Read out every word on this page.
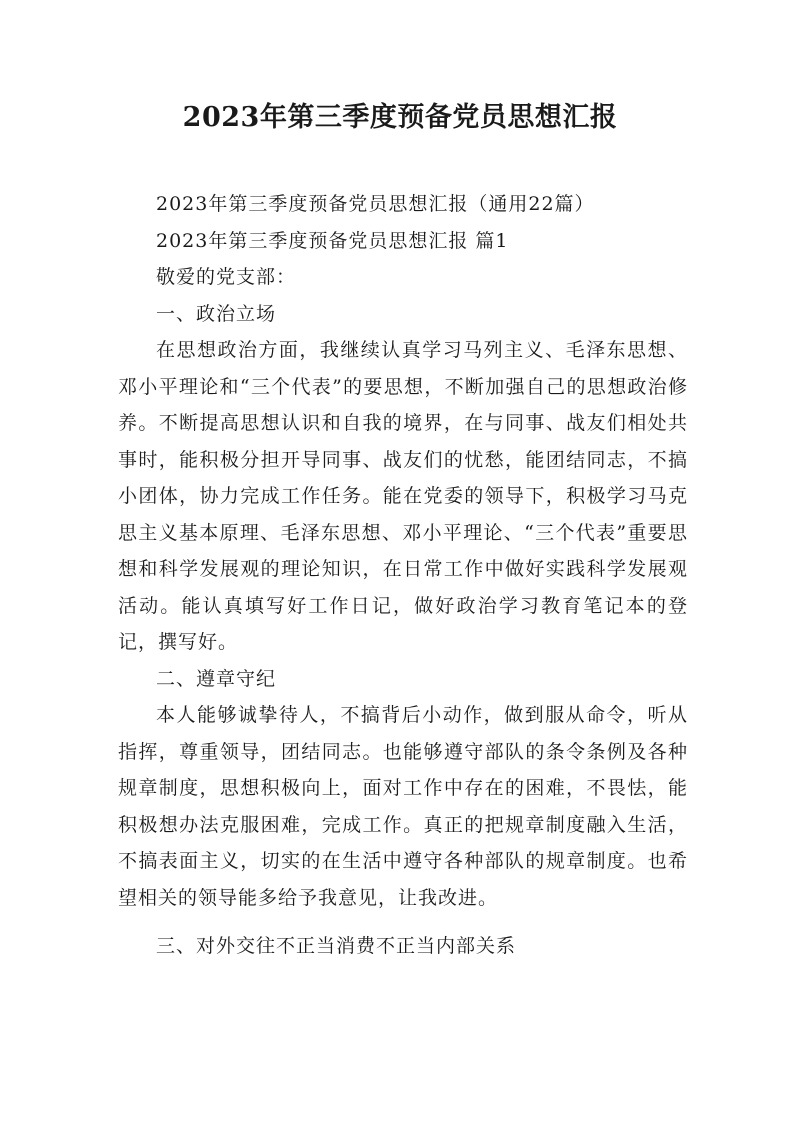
2023年第三季度预备党员思想汇报

2023年第三季度预备党员思想汇报（通用22篇）

2023年第三季度预备党员思想汇报 篇1

敬爱的党支部：

一、政治立场

在思想政治方面，我继续认真学习马列主义、毛泽东思想、邓小平理论和“三个代表”的要思想，不断加强自己的思想政治修养。不断提高思想认识和自我的境界，在与同事、战友们相处共事时，能积极分担开导同事、战友们的忧愁，能团结同志，不搞小团体，协力完成工作任务。能在党委的领导下，积极学习马克思主义基本原理、毛泽东思想、邓小平理论、“三个代表”重要思想和科学发展观的理论知识，在日常工作中做好实践科学发展观活动。能认真填写好工作日记，做好政治学习教育笔记本的登记，撰写好。

二、遵章守纪

本人能够诚挚待人，不搞背后小动作，做到服从命令，听从指挥，尊重领导，团结同志。也能够遵守部队的条令条例及各种规章制度，思想积极向上，面对工作中存在的困难，不畏怯，能积极想办法克服困难，完成工作。真正的把规章制度融入生活，不搞表面主义，切实的在生活中遵守各种部队的规章制度。也希望相关的领导能多给予我意见，让我改进。

三、对外交往不正当消费不正当内部关系
